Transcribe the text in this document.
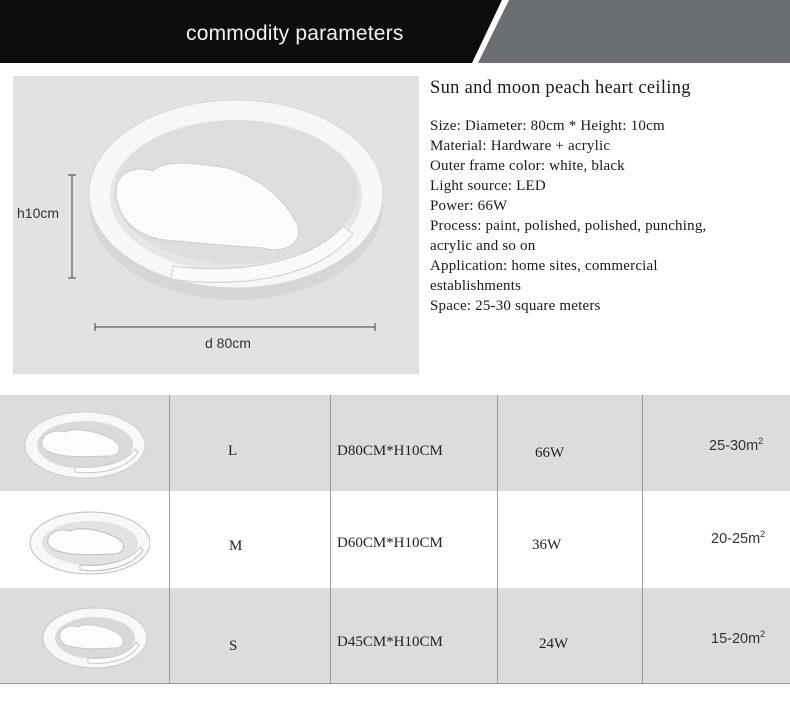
commodity parameters
h10cm
d 80cm
Sun and moon peach heart ceiling
Size: Diameter: 80cm * Height: 10cm
Material: Hardware + acrylic
Outer frame color: white, black
Light source: LED
Power: 66W
Process: paint, polished, polished, punching,
acrylic and so on
Application: home sites, commercial
establishments
Space: 25-30 square meters
L	D80CM*H10CM	66W	$25-30m^2$
M	D60CM*H10CM	36W	$20-25m^2$
S	D45CM*H10CM	24W	$15-20m^2$
